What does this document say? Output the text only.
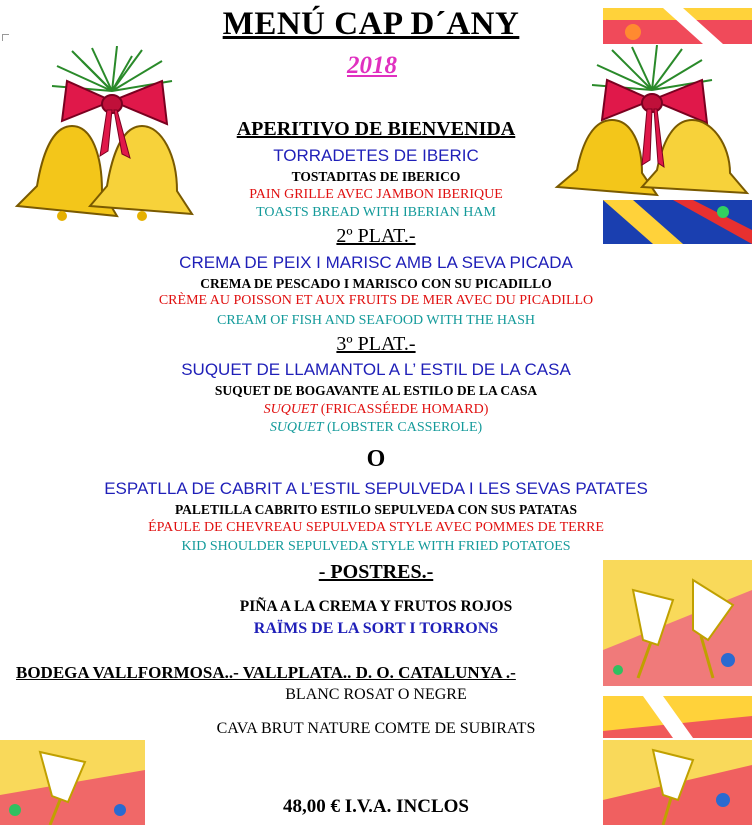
MENÚ CAP D´ANY
2018
APERITIVO DE BIENVENIDA
TORRADETES DE IBERIC
TOSTADITAS DE IBERICO
PAIN GRILLE AVEC JAMBON IBERIQUE
TOASTS BREAD WITH IBERIAN HAM
2º PLAT.-
CREMA DE PEIX I MARISC AMB LA SEVA PICADA
CREMA DE PESCADO I MARISCO CON SU PICADILLO
CRÈME AU POISSON ET AUX FRUITS DE MER AVEC DU PICADILLO
CREAM OF FISH AND SEAFOOD WITH THE HASH
3º PLAT.-
SUQUET DE LLAMANTOL A L’ ESTIL DE LA CASA
SUQUET DE BOGAVANTE AL ESTILO DE LA CASA
SUQUET (FRICASSÉEDE HOMARD)
SUQUET (LOBSTER CASSEROLE)
O
ESPATLLA DE CABRIT A L’ESTIL SEPULVEDA I LES SEVAS PATATES
PALETILLA CABRITO ESTILO SEPULVEDA CON SUS PATATAS
ÉPAULE DE CHEVREAU SEPULVEDA STYLE AVEC POMMES DE TERRE
KID SHOULDER SEPULVEDA STYLE WITH FRIED POTATOES
- POSTRES.-
PIÑA A LA CREMA Y FRUTOS ROJOS
RAÏMS DE LA SORT I TORRONS
BODEGA VALLFORMOSA..- VALLPLATA.. D. O. CATALUNYA .-
BLANC ROSAT O NEGRE
CAVA BRUT NATURE COMTE DE SUBIRATS
48,00 € I.V.A. INCLOS
